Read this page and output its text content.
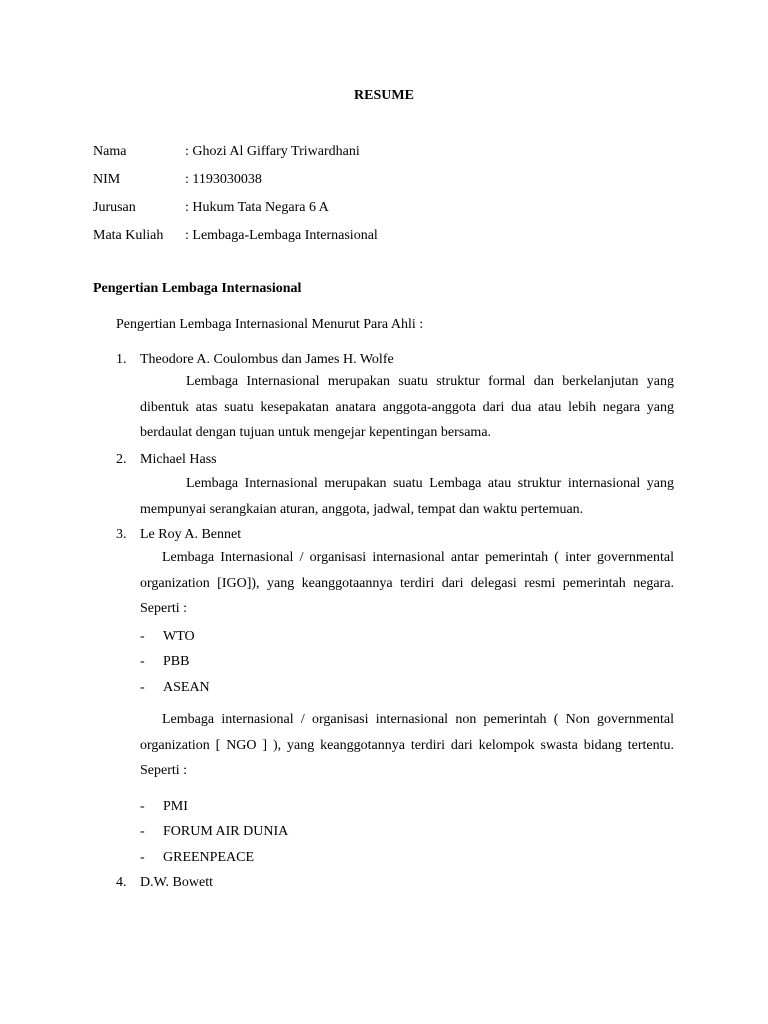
RESUME
Nama	: Ghozi Al Giffary Triwardhani
NIM	: 1193030038
Jurusan	: Hukum Tata Negara 6 A
Mata Kuliah : Lembaga-Lembaga Internasional
Pengertian Lembaga Internasional
Pengertian Lembaga Internasional Menurut Para Ahli :
1. Theodore A. Coulombus dan James H. Wolfe

Lembaga Internasional merupakan suatu struktur formal dan berkelanjutan yang dibentuk atas suatu kesepakatan anatara anggota-anggota dari dua atau lebih negara yang berdaulat dengan tujuan untuk mengejar kepentingan bersama.

2. Michael Hass

Lembaga Internasional merupakan suatu Lembaga atau struktur internasional yang mempunyai serangkaian aturan, anggota, jadwal, tempat dan waktu pertemuan.

3. Le Roy A. Bennet

Lembaga Internasional / organisasi internasional antar pemerintah ( inter governmental organization [IGO]), yang keanggotaannya terdiri dari delegasi resmi pemerintah negara. Seperti :

- WTO
- PBB
- ASEAN

Lembaga internasional / organisasi internasional non pemerintah ( Non governmental organization [ NGO ] ), yang keanggotannya terdiri dari kelompok swasta bidang tertentu. Seperti :

- PMI
- FORUM AIR DUNIA
- GREENPEACE
4. D.W. Bowett
